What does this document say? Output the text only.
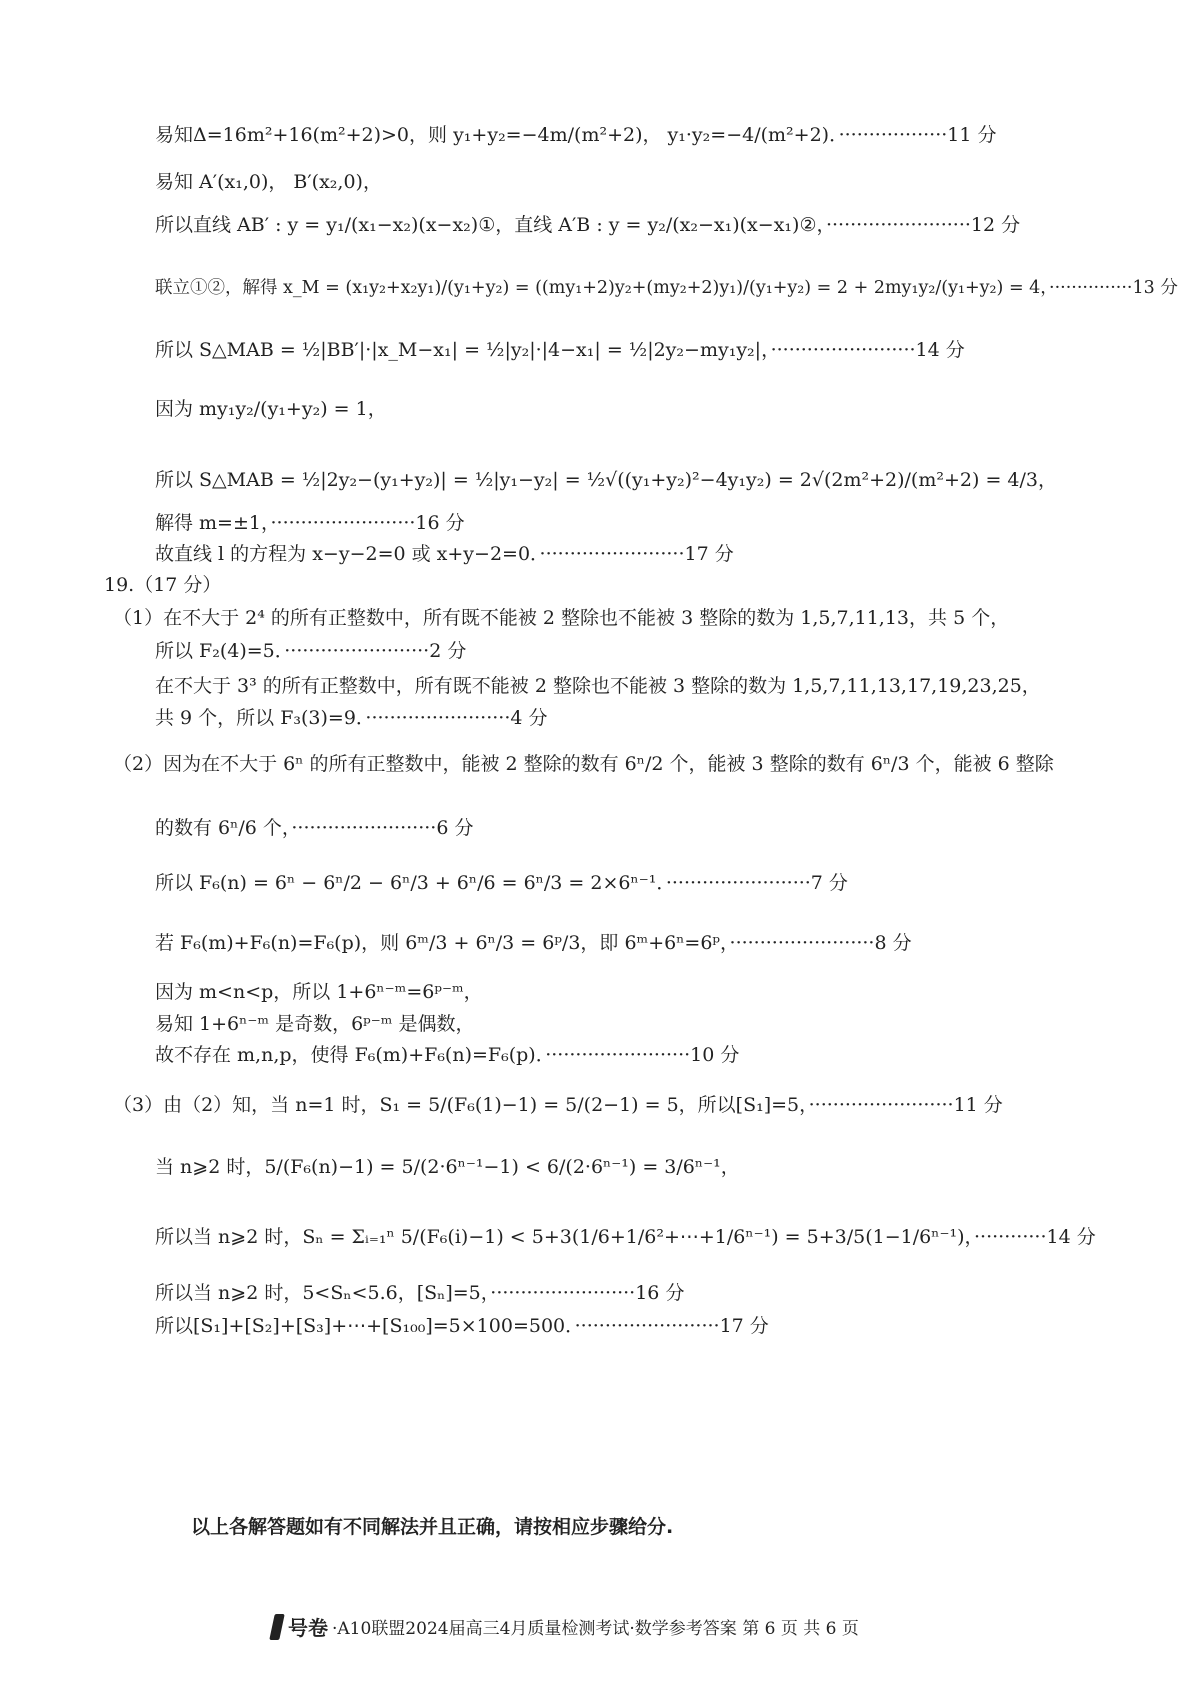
易知Δ=16m²+16(m²+2)>0，则 y₁+y₂=−4m/(m²+2)， y₁·y₂=−4/(m²+2)．··················11 分
易知 A′(x₁,0)， B′(x₂,0)，
所以直线 AB′ : y = y₁/(x₁−x₂)(x−x₂)①，直线 A′B : y = y₂/(x₂−x₁)(x−x₁)②，························12 分
联立①②，解得 x_M = (x₁y₂+x₂y₁)/(y₁+y₂) = ((my₁+2)y₂+(my₂+2)y₁)/(y₁+y₂) = 2 + 2my₁y₂/(y₁+y₂) = 4，···············13 分
所以 S△MAB = ½|BB′|·|x_M−x₁| = ½|y₂|·|4−x₁| = ½|2y₂−my₁y₂|，························14 分
因为 my₁y₂/(y₁+y₂) = 1，
所以 S△MAB = ½|2y₂−(y₁+y₂)| = ½|y₁−y₂| = ½√((y₁+y₂)²−4y₁y₂) = 2√(2m²+2)/(m²+2) = 4/3，
解得 m=±1，························16 分
故直线 l 的方程为 x−y−2=0 或 x+y−2=0．························17 分
19.（17 分）
（1）在不大于 2⁴ 的所有正整数中，所有既不能被 2 整除也不能被 3 整除的数为 1,5,7,11,13，共 5 个，
所以 F₂(4)=5．························2 分
在不大于 3³ 的所有正整数中，所有既不能被 2 整除也不能被 3 整除的数为 1,5,7,11,13,17,19,23,25，
共 9 个，所以 F₃(3)=9．························4 分
（2）因为在不大于 6ⁿ 的所有正整数中，能被 2 整除的数有 6ⁿ/2 个，能被 3 整除的数有 6ⁿ/3 个，能被 6 整除
的数有 6ⁿ/6 个，························6 分
所以 F₆(n) = 6ⁿ − 6ⁿ/2 − 6ⁿ/3 + 6ⁿ/6 = 6ⁿ/3 = 2×6ⁿ⁻¹．························7 分
若 F₆(m)+F₆(n)=F₆(p)，则 6ᵐ/3 + 6ⁿ/3 = 6ᵖ/3，即 6ᵐ+6ⁿ=6ᵖ，························8 分
因为 m<n<p，所以 1+6ⁿ⁻ᵐ=6ᵖ⁻ᵐ，
易知 1+6ⁿ⁻ᵐ 是奇数，6ᵖ⁻ᵐ 是偶数，
故不存在 m,n,p，使得 F₆(m)+F₆(n)=F₆(p)．························10 分
（3）由（2）知，当 n=1 时，S₁ = 5/(F₆(1)−1) = 5/(2−1) = 5，所以[S₁]=5，························11 分
当 n⩾2 时，5/(F₆(n)−1) = 5/(2·6ⁿ⁻¹−1) < 6/(2·6ⁿ⁻¹) = 3/6ⁿ⁻¹，
所以当 n⩾2 时，Sₙ = Σᵢ₌₁ⁿ 5/(F₆(i)−1) < 5+3(1/6+1/6²+⋯+1/6ⁿ⁻¹) = 5+3/5(1−1/6ⁿ⁻¹)，············14 分
所以当 n⩾2 时，5<Sₙ<5.6，[Sₙ]=5，························16 分
所以[S₁]+[S₂]+[S₃]+⋯+[S₁₀₀]=5×100=500．························17 分
以上各解答题如有不同解法并且正确，请按相应步骤给分.
号卷 ·A10联盟2024届高三4月质量检测考试·数学参考答案 第 6 页 共 6 页
